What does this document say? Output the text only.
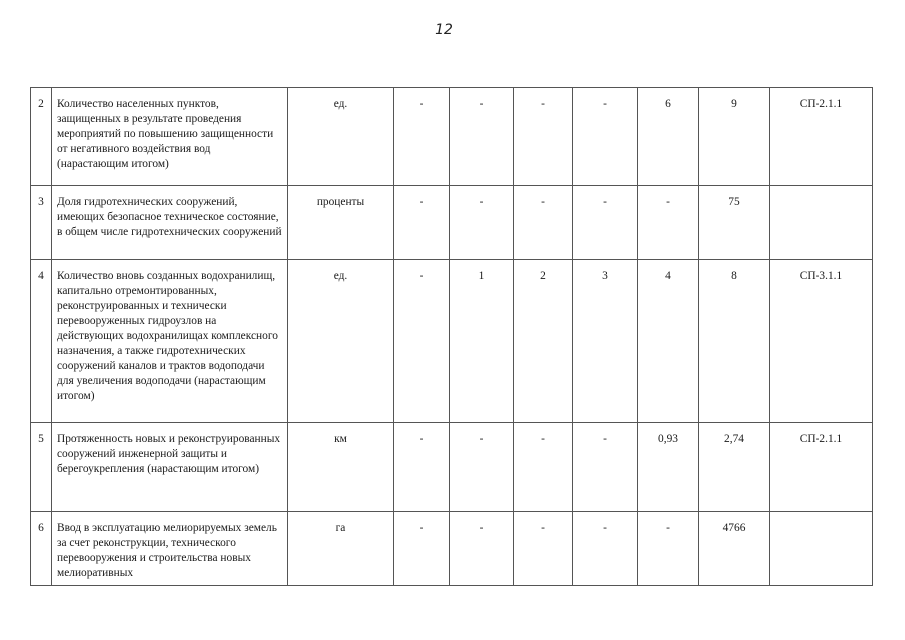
12
2	Количество населенных пунктов, защищенных в результате проведения мероприятий по повышению защищенности от негативного воздействия вод (нарастающим итогом)	ед.	-	-	-	-	6	9	СП-2.1.1
3	Доля гидротехнических сооружений, имеющих безопасное техническое состояние, в общем числе гидротехнических сооружений	проценты	-	-	-	-	-	75	
4	Количество вновь созданных водохранилищ, капитально отремонтированных, реконструированных и технически перевооруженных гидроузлов на действующих водохранилищах комплексного назначения, а также гидротехнических сооружений каналов и трактов водоподачи для увеличения водоподачи (нарастающим итогом)	ед.	-	1	2	3	4	8	СП-3.1.1
5	Протяженность новых и реконструированных сооружений инженерной защиты и берегоукрепления (нарастающим итогом)	км	-	-	-	-	0,93	2,74	СП-2.1.1
6	Ввод в эксплуатацию мелиорируемых земель за счет реконструкции, технического перевооружения и строительства новых мелиоративных	га	-	-	-	-	-	4766	
